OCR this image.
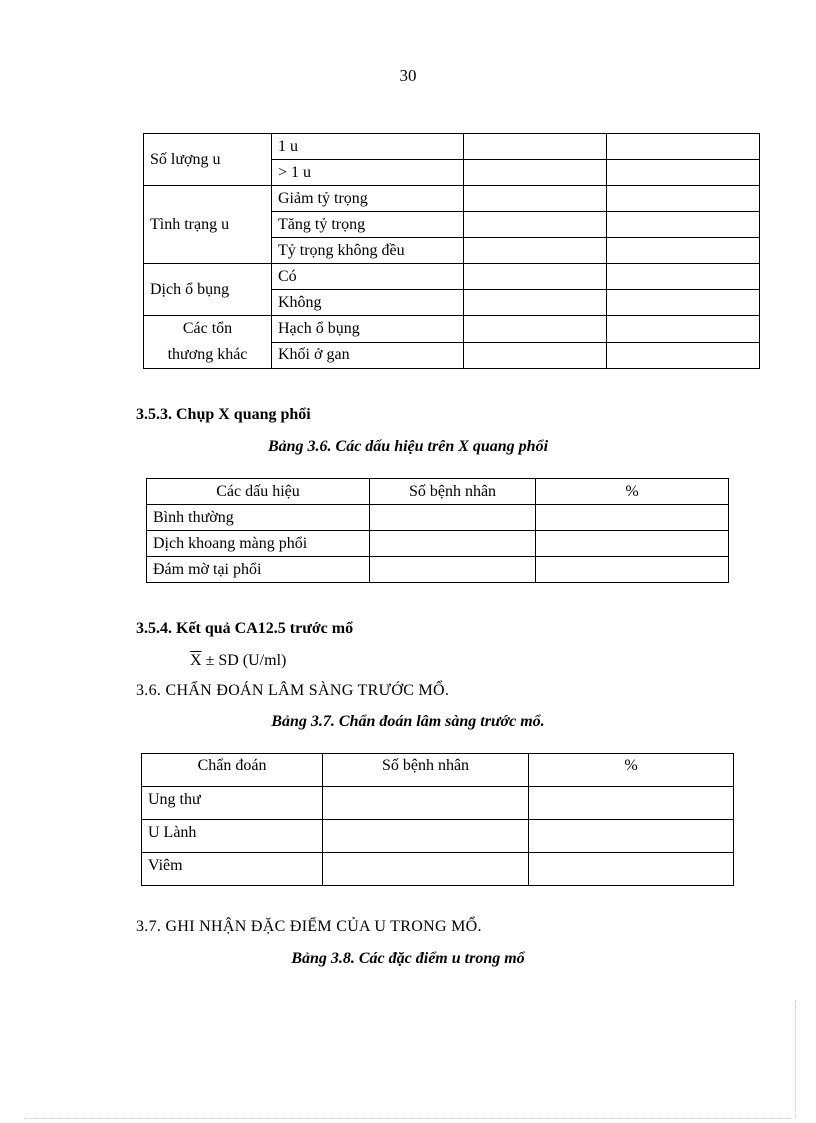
30
Số lượng u	1 u		
	> 1 u		
Tình trạng u	Giảm tỷ trọng		
	Tăng tỷ trọng		
	Tỷ trọng không đều		
Dịch ổ bụng	Có		
	Không		

Các tổn
thương khác	Hạch ổ bụng		
	Khối ở gan		
3.5.3. Chụp X quang phổi
Bảng 3.6. Các dấu hiệu trên X quang phổi
Các dấu hiệu	Số bệnh nhân	%
Bình thường		
Dịch khoang màng phổi		
Đám mờ tại phổi		
3.5.4. Kết quả CA12.5 trước mổ
$\overline{X}$ ± SD (U/ml)
3.6. CHẨN ĐOÁN LÂM SÀNG TRƯỚC MỔ.
Bảng 3.7. Chẩn đoán lâm sàng trước mổ.
Chẩn đoán	Số bệnh nhân	%
Ung thư		
U Lành		
Viêm		
3.7. GHI NHẬN ĐẶC ĐIỂM CỦA U TRONG MỔ.
Bảng 3.8. Các đặc điểm u trong mổ
